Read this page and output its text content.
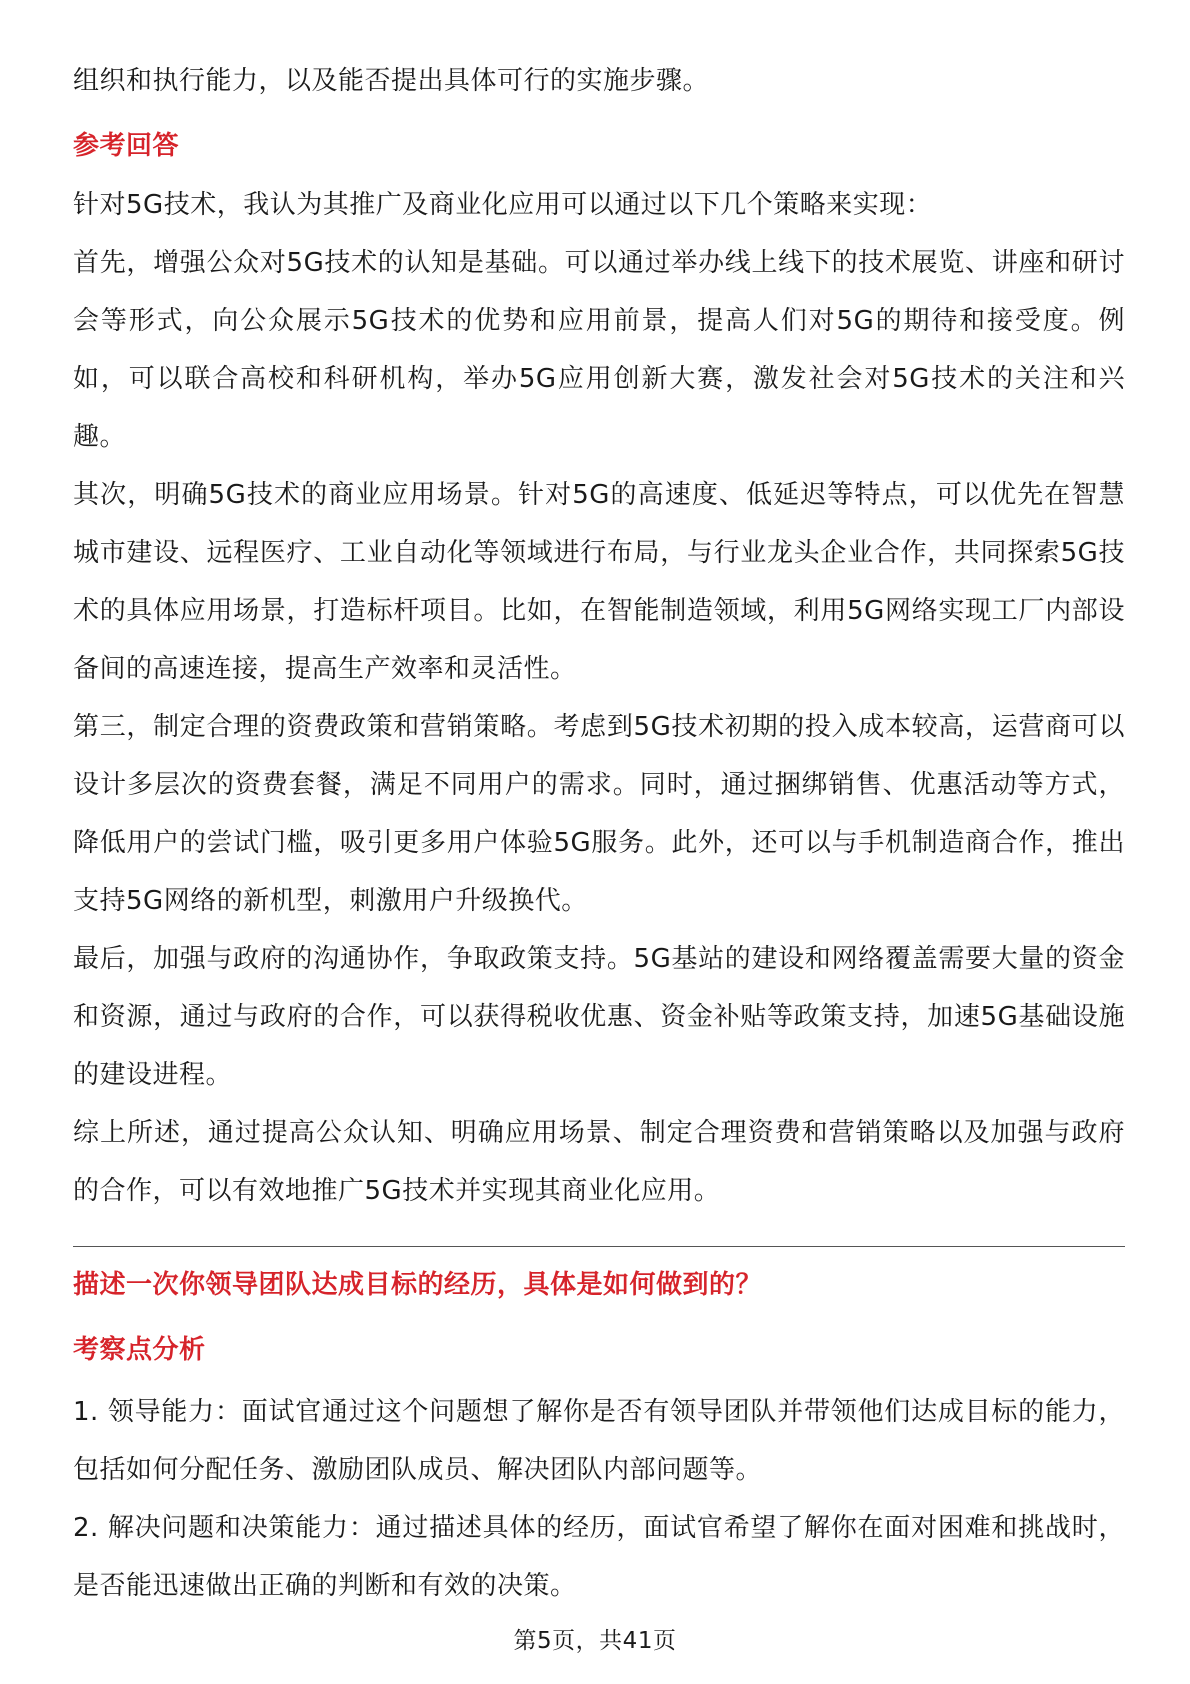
组织和执行能力，以及能否提出具体可行的实施步骤。

参考回答

针对5G技术，我认为其推广及商业化应用可以通过以下几个策略来实现：

首先，增强公众对5G技术的认知是基础。可以通过举办线上线下的技术展览、讲座和研讨会等形式，向公众展示5G技术的优势和应用前景，提高人们对5G的期待和接受度。例如，可以联合高校和科研机构，举办5G应用创新大赛，激发社会对5G技术的关注和兴趣。

其次，明确5G技术的商业应用场景。针对5G的高速度、低延迟等特点，可以优先在智慧城市建设、远程医疗、工业自动化等领域进行布局，与行业龙头企业合作，共同探索5G技术的具体应用场景，打造标杆项目。比如，在智能制造领域，利用5G网络实现工厂内部设备间的高速连接，提高生产效率和灵活性。

第三，制定合理的资费政策和营销策略。考虑到5G技术初期的投入成本较高，运营商可以设计多层次的资费套餐，满足不同用户的需求。同时，通过捆绑销售、优惠活动等方式，降低用户的尝试门槛，吸引更多用户体验5G服务。此外，还可以与手机制造商合作，推出支持5G网络的新机型，刺激用户升级换代。

最后，加强与政府的沟通协作，争取政策支持。5G基站的建设和网络覆盖需要大量的资金和资源，通过与政府的合作，可以获得税收优惠、资金补贴等政策支持，加速5G基础设施的建设进程。

综上所述，通过提高公众认知、明确应用场景、制定合理资费和营销策略以及加强与政府的合作，可以有效地推广5G技术并实现其商业化应用。

描述一次你领导团队达成目标的经历，具体是如何做到的？

考察点分析

1. 领导能力：面试官通过这个问题想了解你是否有领导团队并带领他们达成目标的能力，包括如何分配任务、激励团队成员、解决团队内部问题等。

2. 解决问题和决策能力：通过描述具体的经历，面试官希望了解你在面对困难和挑战时，是否能迅速做出正确的判断和有效的决策。

第5页，共41页
